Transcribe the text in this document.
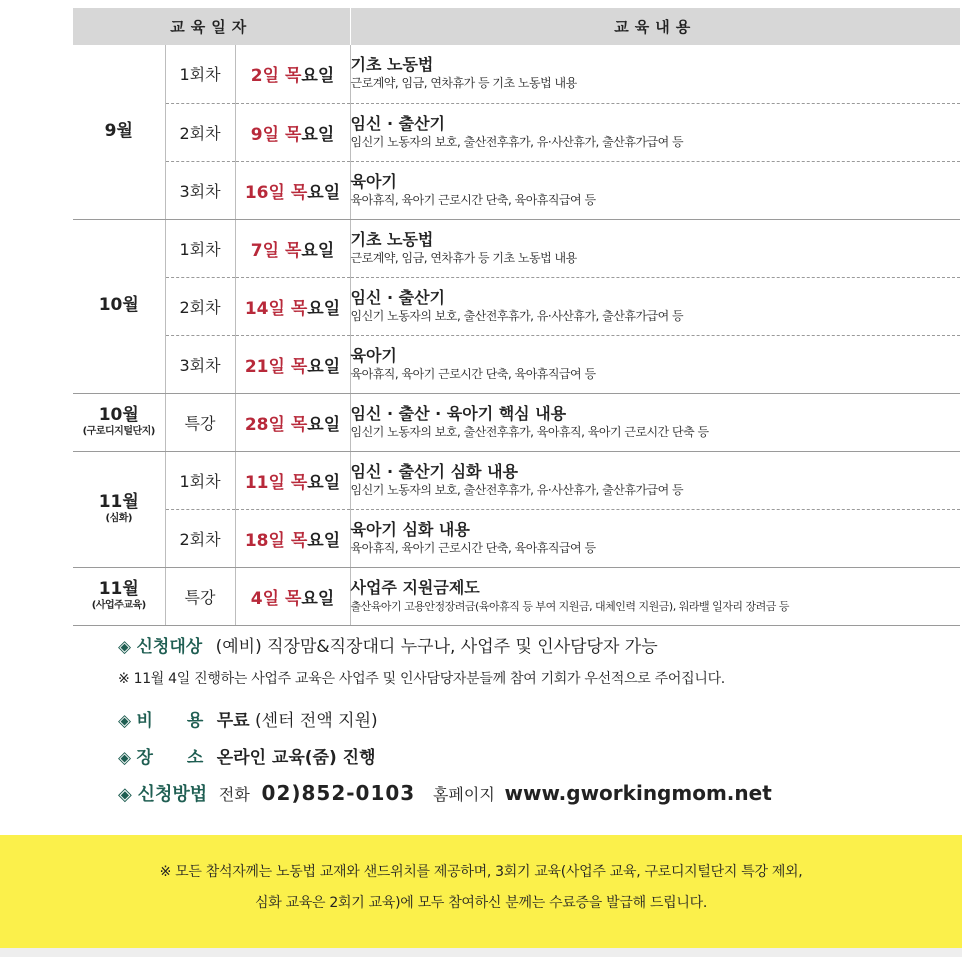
교육일자			교육내용
9월	1회차	2일 목요일	기초 노동법
근로계약, 임금, 연차휴가 등 기초 노동법 내용

	2회차	9일 목요일	임신 · 출산기
임신기 노동자의 보호, 출산전후휴가, 유·사산휴가, 출산휴가급여 등

	3회차	16일 목요일	육아기
육아휴직, 육아기 근로시간 단축, 육아휴직급여 등

10월	1회차	7일 목요일	기초 노동법
근로계약, 임금, 연차휴가 등 기초 노동법 내용

	2회차	14일 목요일	임신 · 출산기
임신기 노동자의 보호, 출산전후휴가, 유·사산휴가, 출산휴가급여 등

	3회차	21일 목요일	육아기
육아휴직, 육아기 근로시간 단축, 육아휴직급여 등

10월
(구로디지털단지)	특강	28일 목요일	임신 · 출산 · 육아기 핵심 내용
임신기 노동자의 보호, 출산전후휴가, 육아휴직, 육아기 근로시간 단축 등

11월
(심화)	1회차	11일 목요일	임신 · 출산기 심화 내용
임신기 노동자의 보호, 출산전후휴가, 유·사산휴가, 출산휴가급여 등

	2회차	18일 목요일	육아기 심화 내용
육아휴직, 육아기 근로시간 단축, 육아휴직급여 등

11월
(사업주교육)	특강	4일 목요일	사업주 지원금제도
출산육아기 고용안정장려금(육아휴직 등 부여 지원금, 대체인력 지원금), 워라밸 일자리 장려금 등
◈ 신청대상 (예비) 직장맘&직장대디 누구나, 사업주 및 인사담당자 가능
※ 11월 4일 진행하는 사업주 교육은 사업주 및 인사담당자분들께 참여 기회가 우선적으로 주어집니다.
◈ 비　　용 무료 (센터 전액 지원)
◈ 장　　소 온라인 교육(줌) 진행
◈ 신청방법 전화 02)852-0103 홈페이지 www.gworkingmom.net

※ 모든 참석자께는 노동법 교재와 샌드위치를 제공하며, 3회기 교육(사업주 교육, 구로디지털단지 특강 제외,

심화 교육은 2회기 교육)에 모두 참여하신 분께는 수료증을 발급해 드립니다.
